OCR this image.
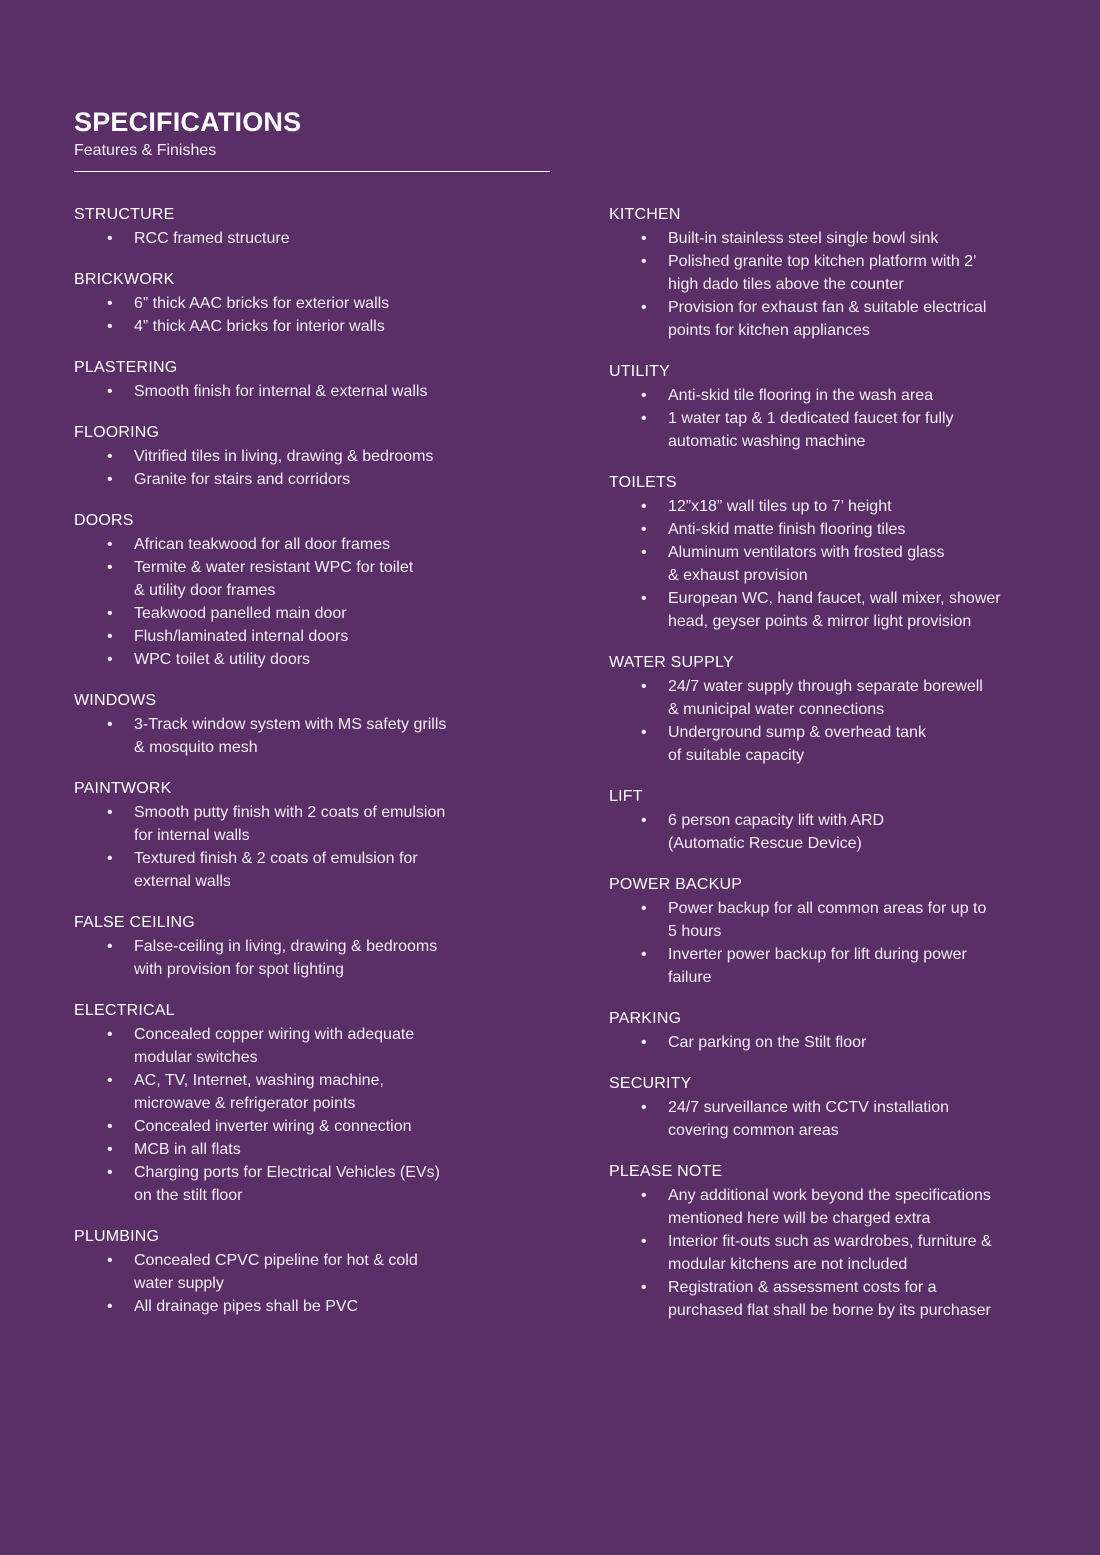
SPECIFICATIONS
Features & Finishes
STRUCTURE
• RCC framed structure
BRICKWORK
• 6” thick AAC bricks for exterior walls
• 4” thick AAC bricks for interior walls
PLASTERING
• Smooth finish for internal & external walls
FLOORING
• Vitrified tiles in living, drawing & bedrooms
• Granite for stairs and corridors
DOORS
• African teakwood for all door frames
• Termite & water resistant WPC for toilet
& utility door frames
• Teakwood panelled main door
• Flush/laminated internal doors
• WPC toilet & utility doors
WINDOWS
• 3-Track window system with MS safety grills
& mosquito mesh
PAINTWORK
• Smooth putty finish with 2 coats of emulsion
for internal walls
• Textured finish & 2 coats of emulsion for
external walls
FALSE CEILING
• False-ceiling in living, drawing & bedrooms
with provision for spot lighting
ELECTRICAL
• Concealed copper wiring with adequate
modular switches
• AC, TV, Internet, washing machine,
microwave & refrigerator points
• Concealed inverter wiring & connection
• MCB in all flats
• Charging ports for Electrical Vehicles (EVs)
on the stilt floor
PLUMBING
• Concealed CPVC pipeline for hot & cold
water supply
• All drainage pipes shall be PVC
KITCHEN
• Built-in stainless steel single bowl sink
• Polished granite top kitchen platform with 2’
high dado tiles above the counter
• Provision for exhaust fan & suitable electrical
points for kitchen appliances
UTILITY
• Anti-skid tile flooring in the wash area
• 1 water tap & 1 dedicated faucet for fully
automatic washing machine
TOILETS
• 12”x18” wall tiles up to 7’ height
• Anti-skid matte finish flooring tiles
• Aluminum ventilators with frosted glass
& exhaust provision
• European WC, hand faucet, wall mixer, shower
head, geyser points & mirror light provision
WATER SUPPLY
• 24/7 water supply through separate borewell
& municipal water connections
• Underground sump & overhead tank
of suitable capacity
LIFT
• 6 person capacity lift with ARD
(Automatic Rescue Device)
POWER BACKUP
• Power backup for all common areas for up to
5 hours
• Inverter power backup for lift during power
failure
PARKING
• Car parking on the Stilt floor
SECURITY
• 24/7 surveillance with CCTV installation
covering common areas
PLEASE NOTE
• Any additional work beyond the specifications
mentioned here will be charged extra
• Interior fit-outs such as wardrobes, furniture &
modular kitchens are not included
• Registration & assessment costs for a
purchased flat shall be borne by its purchaser
